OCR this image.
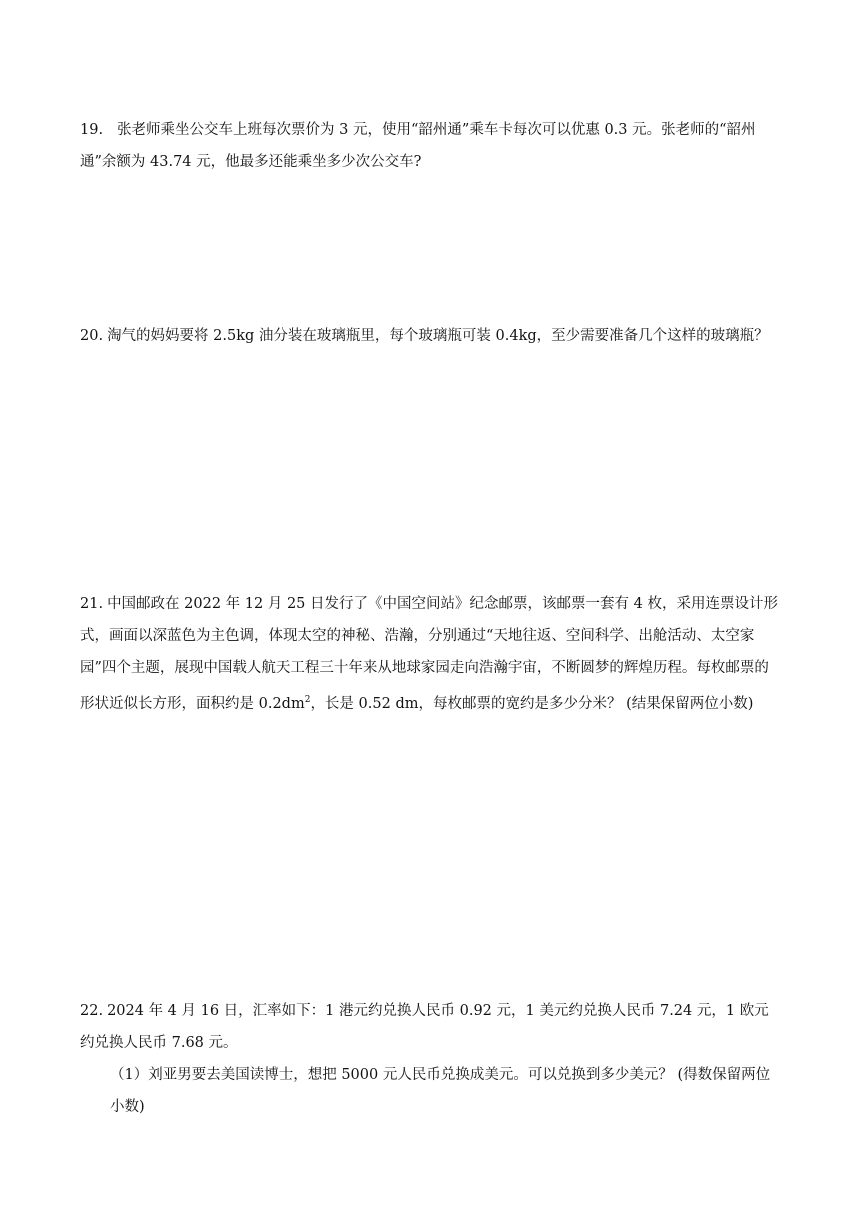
19. 张老师乘坐公交车上班每次票价为 3 元，使用“韶州通”乘车卡每次可以优惠 0.3 元。张老师的“韶州通”余额为 43.74 元，他最多还能乘坐多少次公交车?

20. 淘气的妈妈要将 2.5kg 油分装在玻璃瓶里，每个玻璃瓶可装 0.4kg，至少需要准备几个这样的玻璃瓶？

21. 中国邮政在 2022 年 12 月 25 日发行了《中国空间站》纪念邮票，该邮票一套有 4 枚，采用连票设计形式，画面以深蓝色为主色调，体现太空的神秘、浩瀚，分别通过“天地往返、空间科学、出舱活动、太空家园”四个主题，展现中国载人航天工程三十年来从地球家园走向浩瀚宇宙，不断圆梦的辉煌历程。每枚邮票的形状近似长方形，面积约是 $0.2dm^2$，长是 0.52 dm，每枚邮票的宽约是多少分米？ (结果保留两位小数)

22. 2024 年 4 月 16 日，汇率如下：1 港元约兑换人民币 0.92 元，1 美元约兑换人民币 7.24 元，1 欧元约兑换人民币 7.68 元。

（1）刘亚男要去美国读博士，想把 5000 元人民币兑换成美元。可以兑换到多少美元？ (得数保留两位小数)
